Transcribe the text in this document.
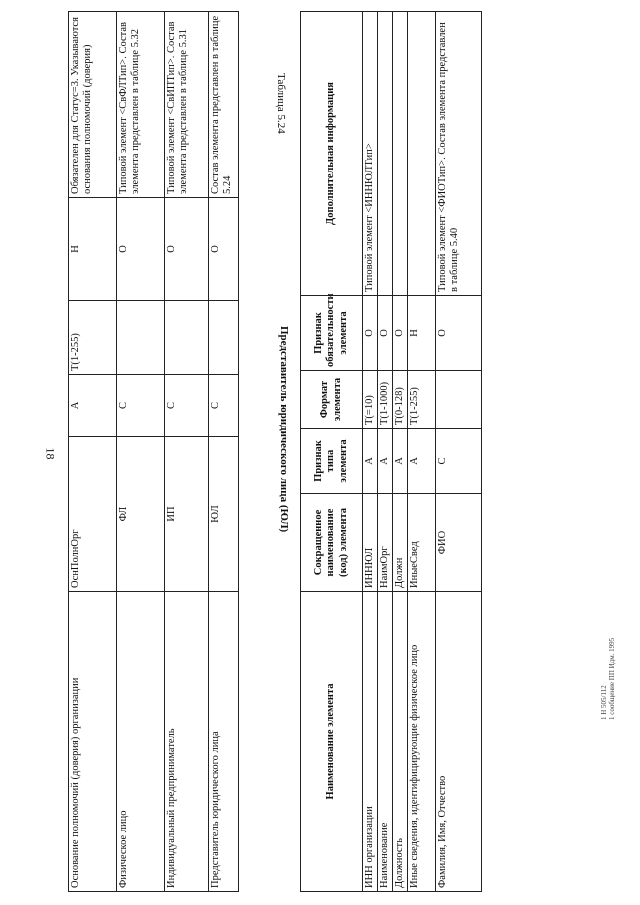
18
Основание полномочий (доверия) организации	ОснПолнОрг	А	Т(1-255)	Н	Обязателен для Статус=3. Указываются основания полномочий (доверия)
Физическое лицо	ФЛ	С		О	Типовой элемент <СвФЛТип>. Состав элемента представлен в таблице 5.32
Индивидуальный предприниматель	ИП	С		О	Типовой элемент <СвИПТип>. Состав элемента представлен в таблице 5.31
Представитель юридического лица	ЮЛ	С		О	Состав элемента представлен в таблице 5.24
Таблица 5.24
Представитель юридического лица (ЮЛ)
Наименование элемента	Сокращенное наименование (код) элемента	Признак типа элемента	Формат элемента	Признак обязательности элемента	Дополнительная информация
ИНН организации	ИННЮЛ	А	Т(=10)	О	Типовой элемент <ИННЮЛТип>
Наименование	НаимОрг	А	Т(1-1000)	О	
Должность	Должн	А	Т(0-128)	О	
Иные сведения, идентифицирующие физическое лицо	ИныеСвед	А	Т(1-255)	Н	
Фамилия, Имя, Отчество	ФИО	С		О	Типовой элемент <ФИОТип>. Состав элемента представлен в таблице 5.40
1 Н 505/112 1 сообщение ПП Идм. 1995
